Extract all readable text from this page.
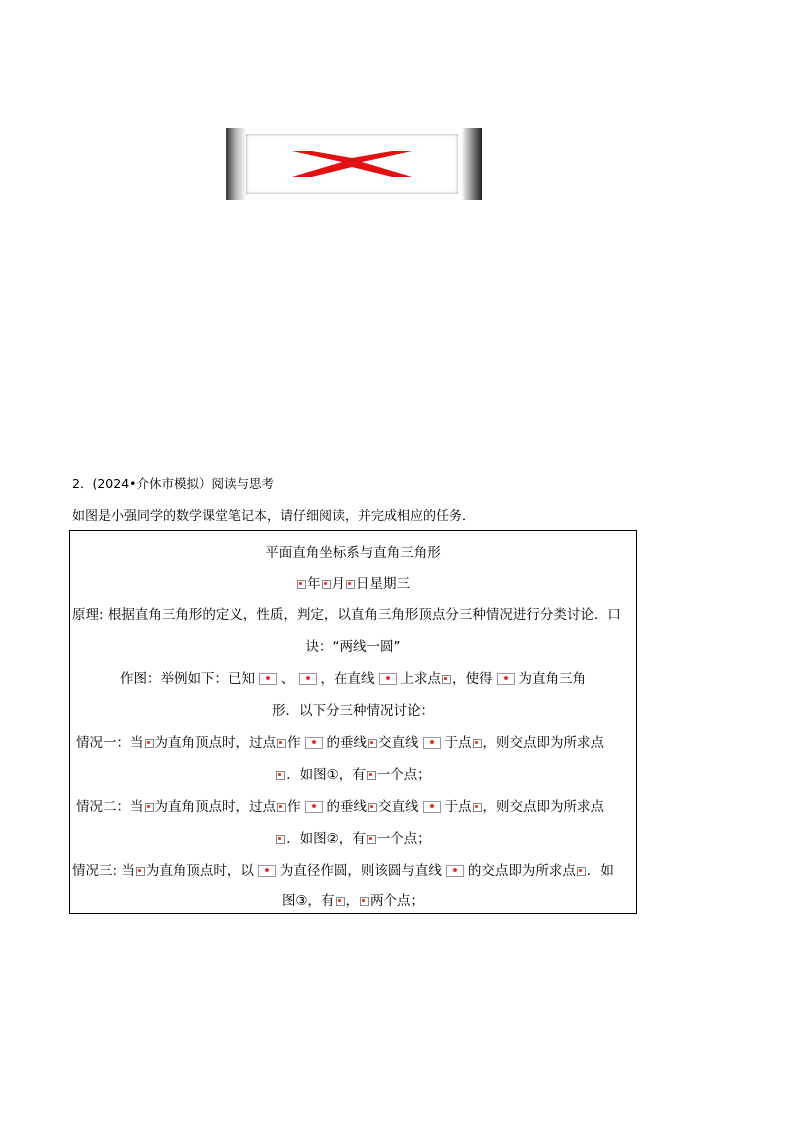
2．(2024•介休市模拟）阅读与思考
如图是小强同学的数学课堂笔记本，请仔细阅读，并完成相应的任务．
平面直角坐标系与直角三角形
年 月 日星期三
原理: 根据直角三角形的定义，性质，判定，以直角三角形顶点分三种情况进行分类讨论．口
诀：“两线一圆”
作图：举例如下：已知 、 ，在直线 上求点 ，使得 为直角三角
形．以下分三种情况讨论：
情况一：当 为直角顶点时，过点 作 的垂线 交直线 于点 ，则交点即为所求点
．如图①，有 一个点；
情况二：当 为直角顶点时，过点 作 的垂线 交直线 于点 ，则交点即为所求点
．如图②，有 一个点；
情况三: 当 为直角顶点时，以 为直径作圆，则该圆与直线 的交点即为所求点 ．如
图③，有 ， 两个点；
